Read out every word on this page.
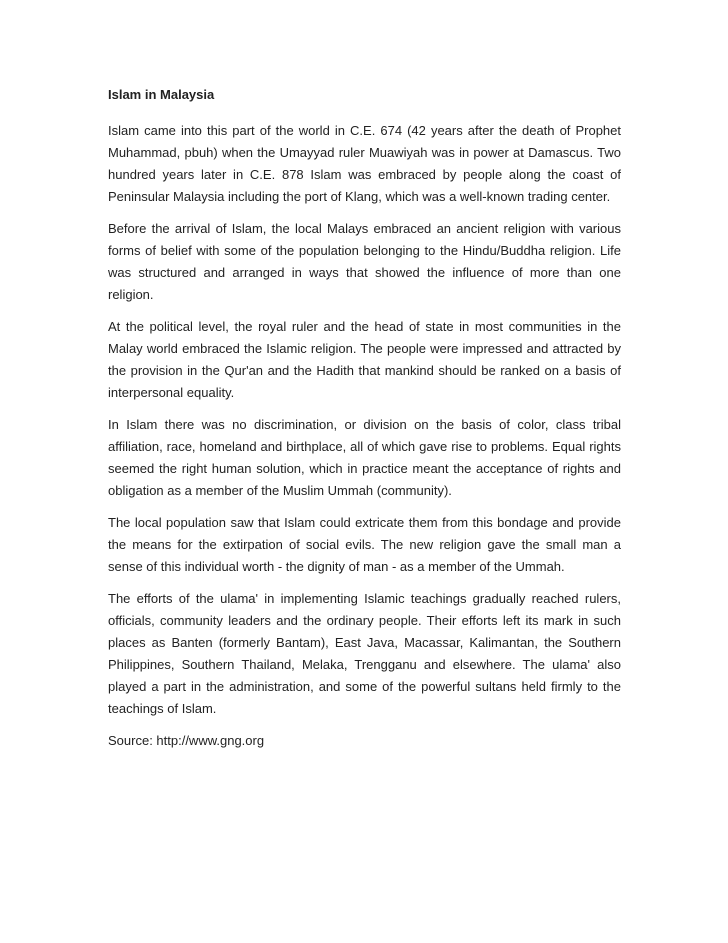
Islam in Malaysia

Islam came into this part of the world in C.E. 674 (42 years after the death of Prophet Muhammad, pbuh) when the Umayyad ruler Muawiyah was in power at Damascus. Two hundred years later in C.E. 878 Islam was embraced by people along the coast of Peninsular Malaysia including the port of Klang, which was a well-known trading center.

Before the arrival of Islam, the local Malays embraced an ancient religion with various forms of belief with some of the population belonging to the Hindu/Buddha religion. Life was structured and arranged in ways that showed the influence of more than one religion.

At the political level, the royal ruler and the head of state in most communities in the Malay world embraced the Islamic religion. The people were impressed and attracted by the provision in the Qur'an and the Hadith that mankind should be ranked on a basis of interpersonal equality.

In Islam there was no discrimination, or division on the basis of color, class tribal affiliation, race, homeland and birthplace, all of which gave rise to problems. Equal rights seemed the right human solution, which in practice meant the acceptance of rights and obligation as a member of the Muslim Ummah (community).

The local population saw that Islam could extricate them from this bondage and provide the means for the extirpation of social evils. The new religion gave the small man a sense of this individual worth - the dignity of man - as a member of the Ummah.

The efforts of the ulama' in implementing Islamic teachings gradually reached rulers, officials, community leaders and the ordinary people. Their efforts left its mark in such places as Banten (formerly Bantam), East Java, Macassar, Kalimantan, the Southern Philippines, Southern Thailand, Melaka, Trengganu and elsewhere. The ulama' also played a part in the administration, and some of the powerful sultans held firmly to the teachings of Islam.

Source: http://www.gng.org
